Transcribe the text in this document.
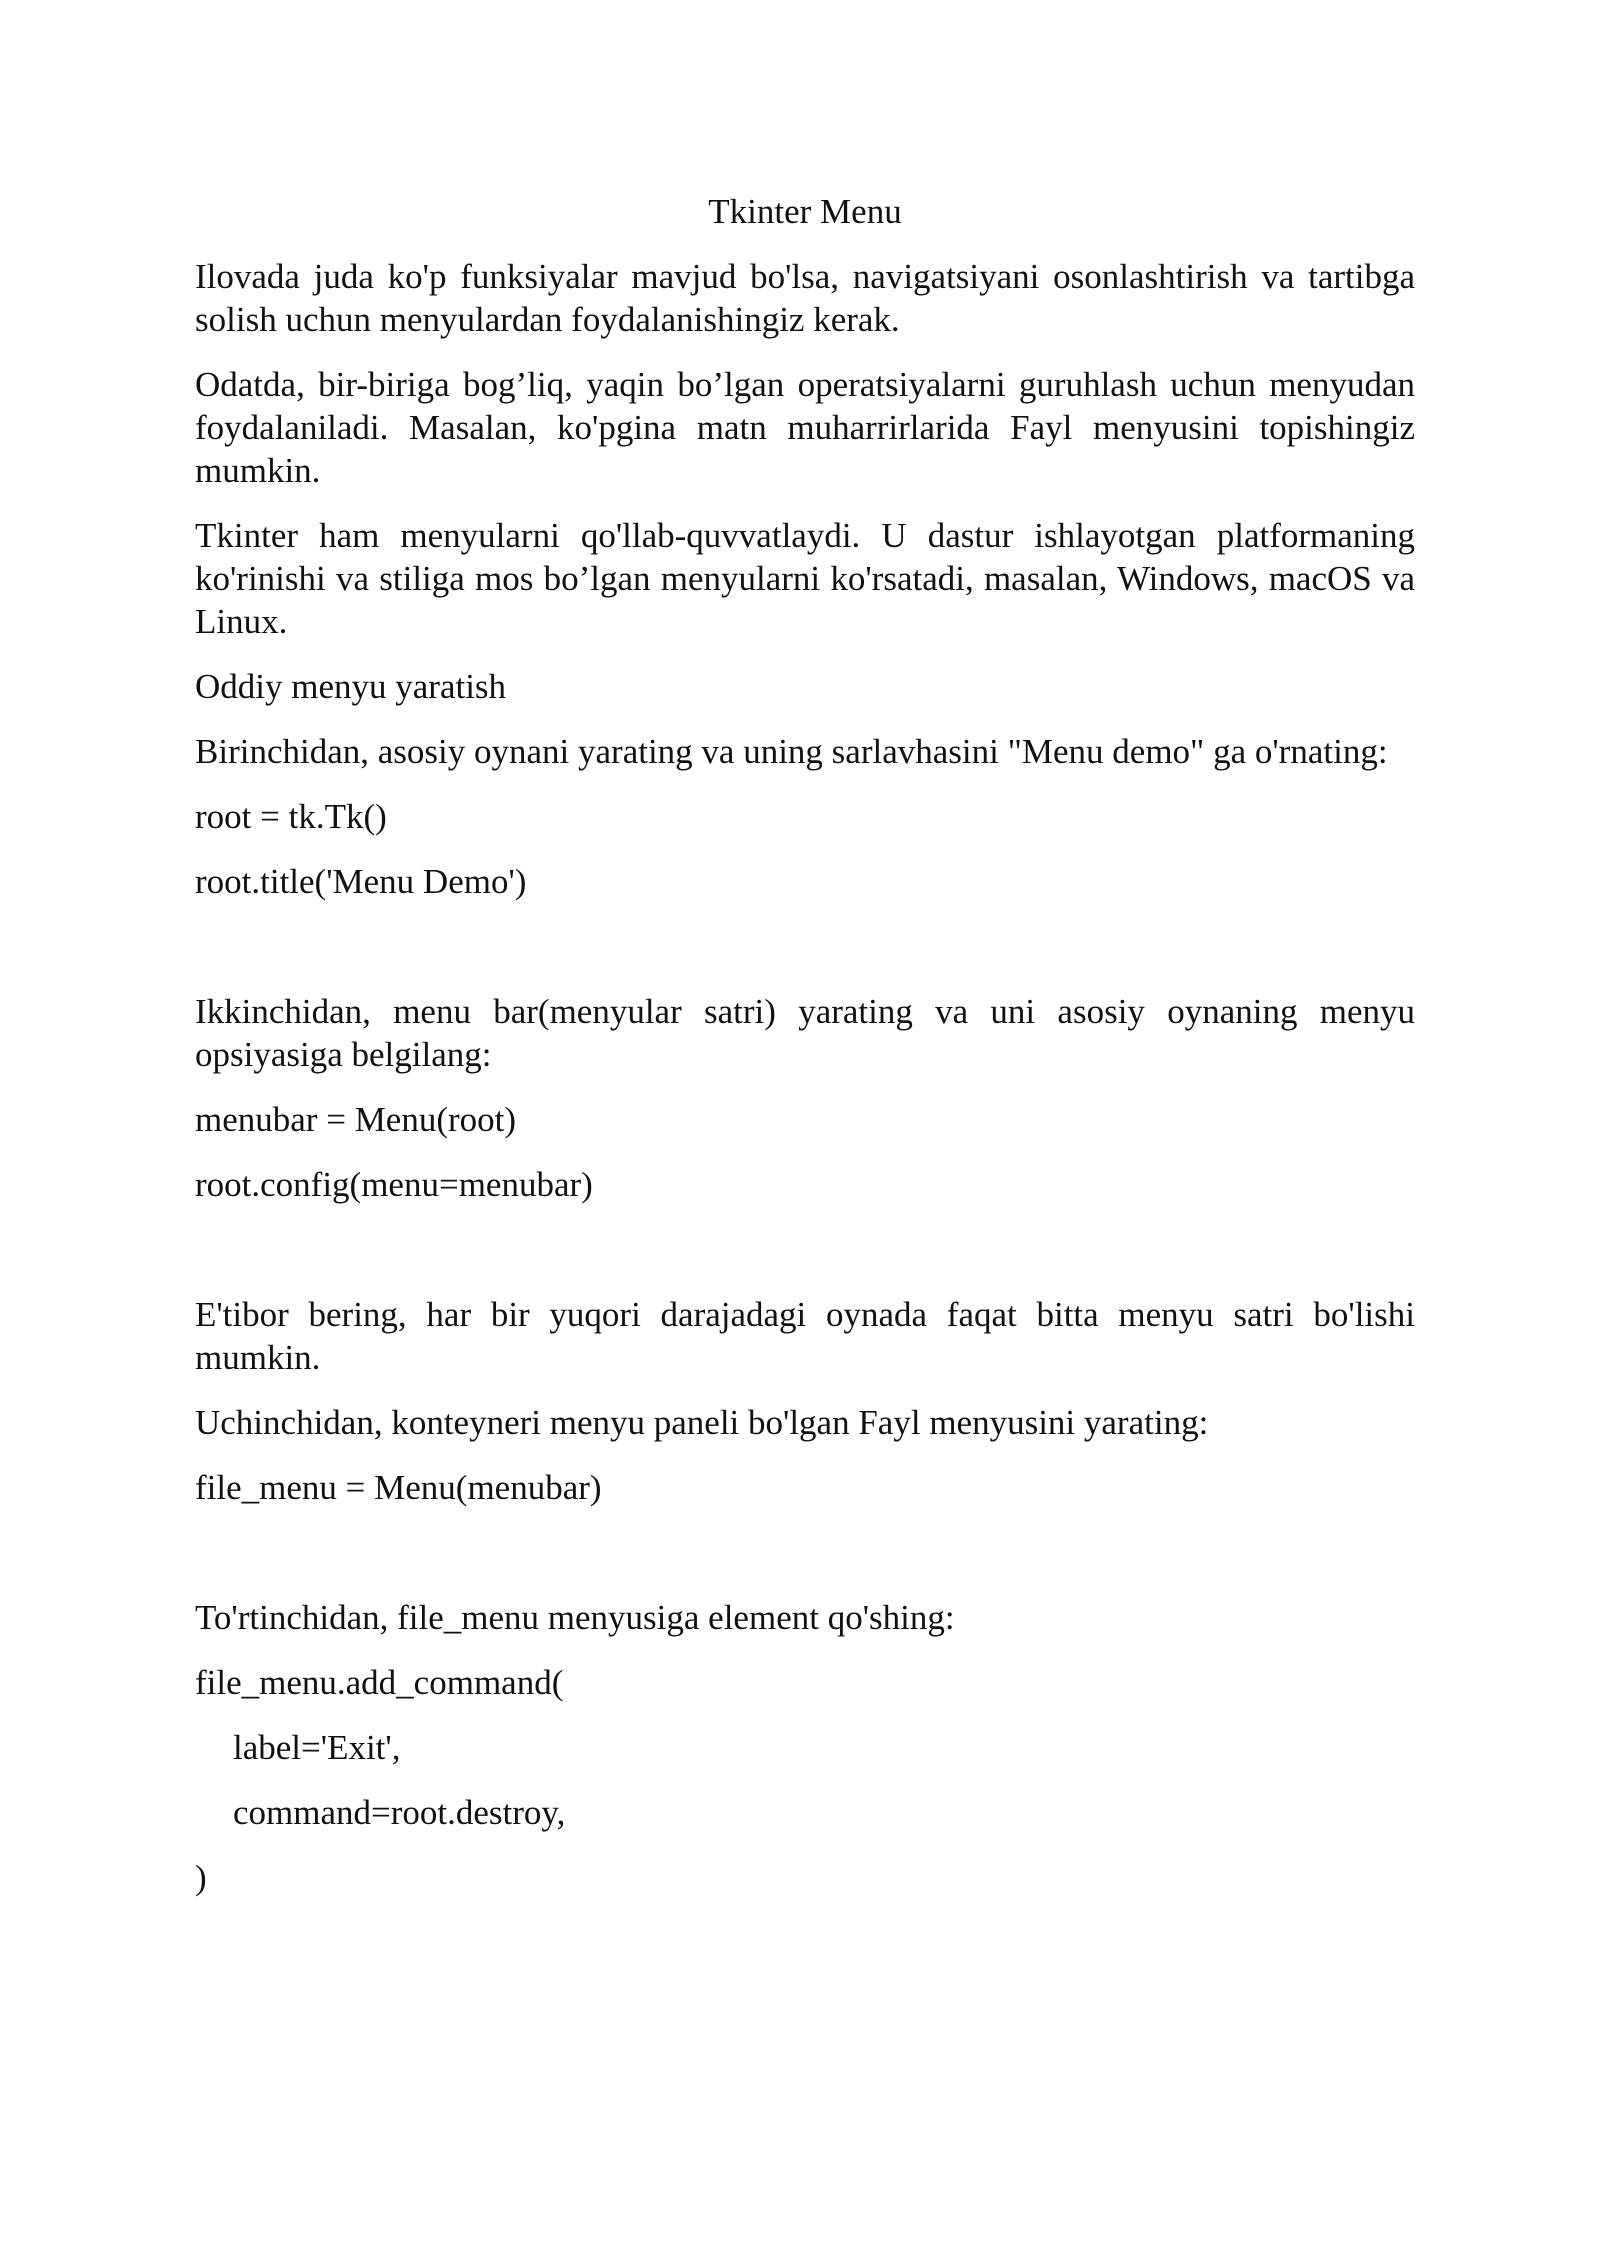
Tkinter Menu

Ilovada juda ko'p funksiyalar mavjud bo'lsa, navigatsiyani osonlashtirish va tartibga solish uchun menyulardan foydalanishingiz kerak.

Odatda, bir-biriga bog’liq, yaqin bo’lgan operatsiyalarni guruhlash uchun menyudan foydalaniladi. Masalan, ko'pgina matn muharrirlarida Fayl menyusini topishingiz mumkin.

Tkinter ham menyularni qo'llab-quvvatlaydi. U dastur ishlayotgan platformaning ko'rinishi va stiliga mos bo’lgan menyularni ko'rsatadi, masalan, Windows, macOS va Linux.

Oddiy menyu yaratish

Birinchidan, asosiy oynani yarating va uning sarlavhasini "Menu demo" ga o'rnating:

root = tk.Tk()

root.title('Menu Demo')

Ikkinchidan, menu bar(menyular satri) yarating va uni asosiy oynaning menyu opsiyasiga belgilang:

menubar = Menu(root)

root.config(menu=menubar)

E'tibor bering, har bir yuqori darajadagi oynada faqat bitta menyu satri bo'lishi mumkin.

Uchinchidan, konteyneri menyu paneli bo'lgan Fayl menyusini yarating:

file_menu = Menu(menubar)

To'rtinchidan, file_menu menyusiga element qo'shing:

file_menu.add_command(

label='Exit',

command=root.destroy,

)
